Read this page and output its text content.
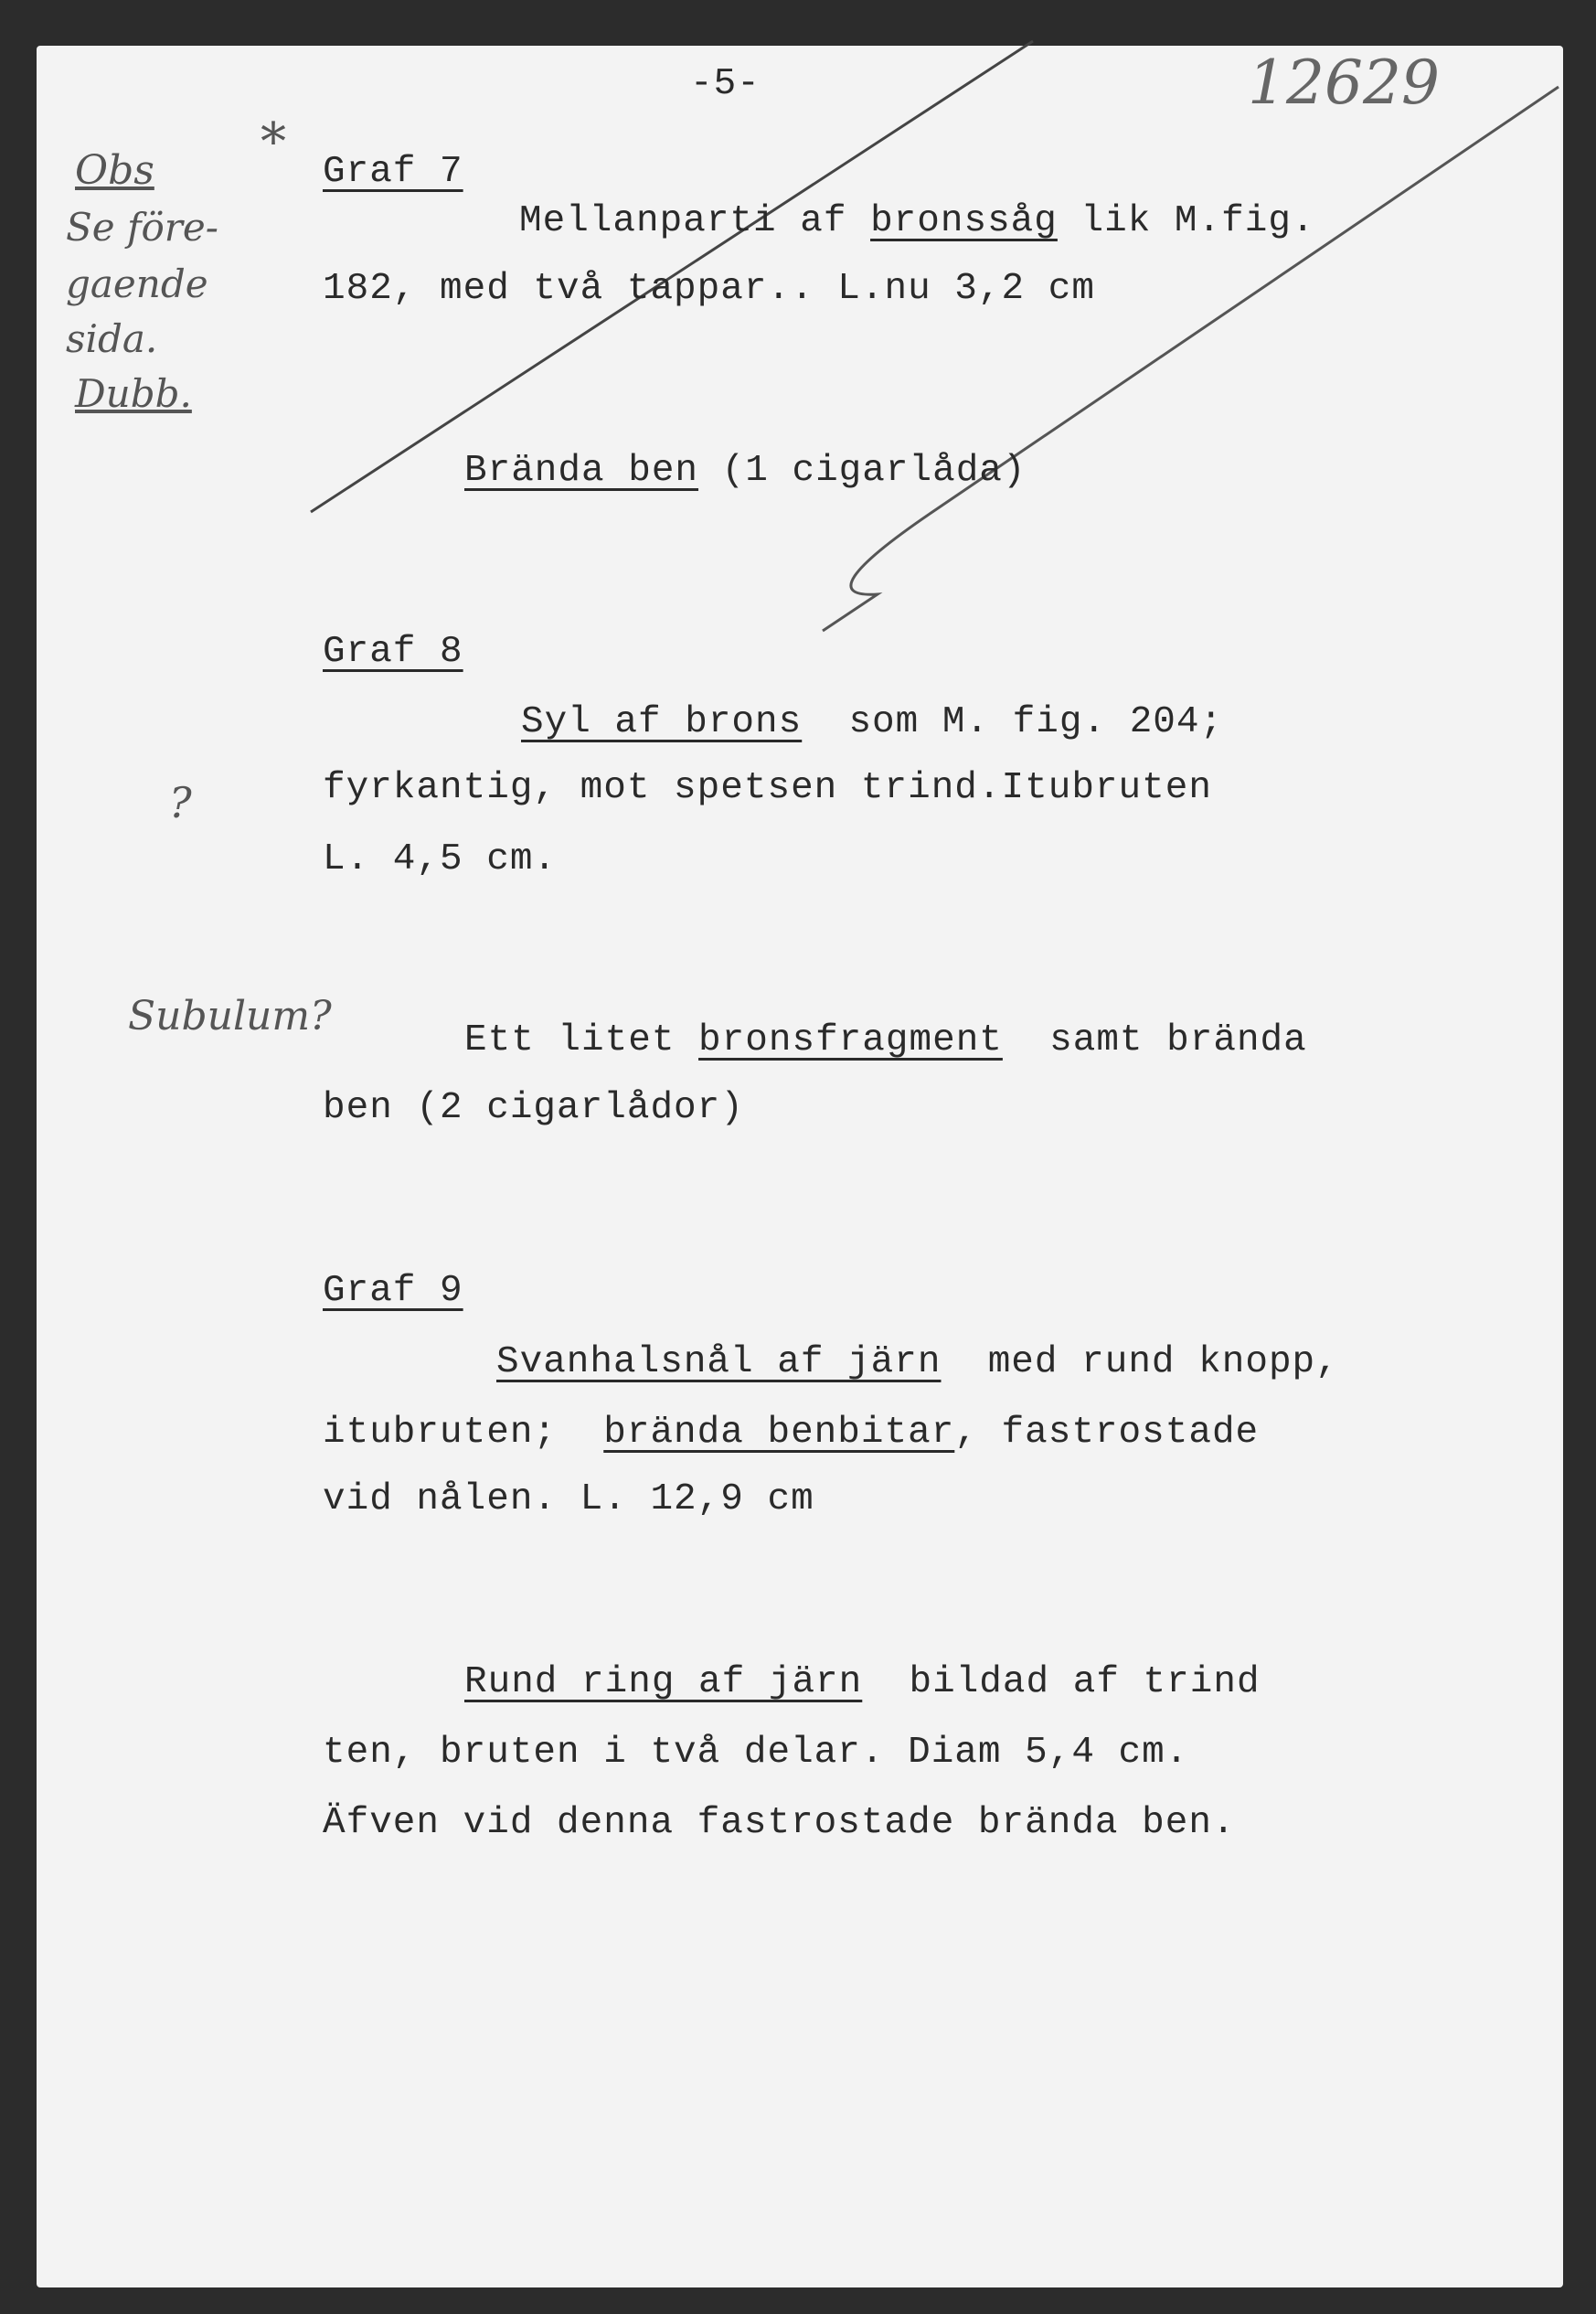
-5-	12629
Obs *
Se före-
gaende
sida.
Dubb.
?
Subulum?
Graf 7
Mellanparti af bronssåg lik M.fig.
182, med två tappar.. L.nu 3,2 cm
Brända ben (1 cigarlåda)
Graf 8
Syl af brons  som M. fig. 204;
fyrkantig, mot spetsen trind.Itubruten
L. 4,5 cm.
Ett litet bronsfragment  samt brända
ben (2 cigarlådor)
Graf 9
Svanhalsnål af järn  med rund knopp,
itubruten;  brända benbitar, fastrostade
vid nålen. L. 12,9 cm
Rund ring af järn  bildad af trind
ten, bruten i två delar. Diam 5,4 cm.
Äfven vid denna fastrostade brända ben.
